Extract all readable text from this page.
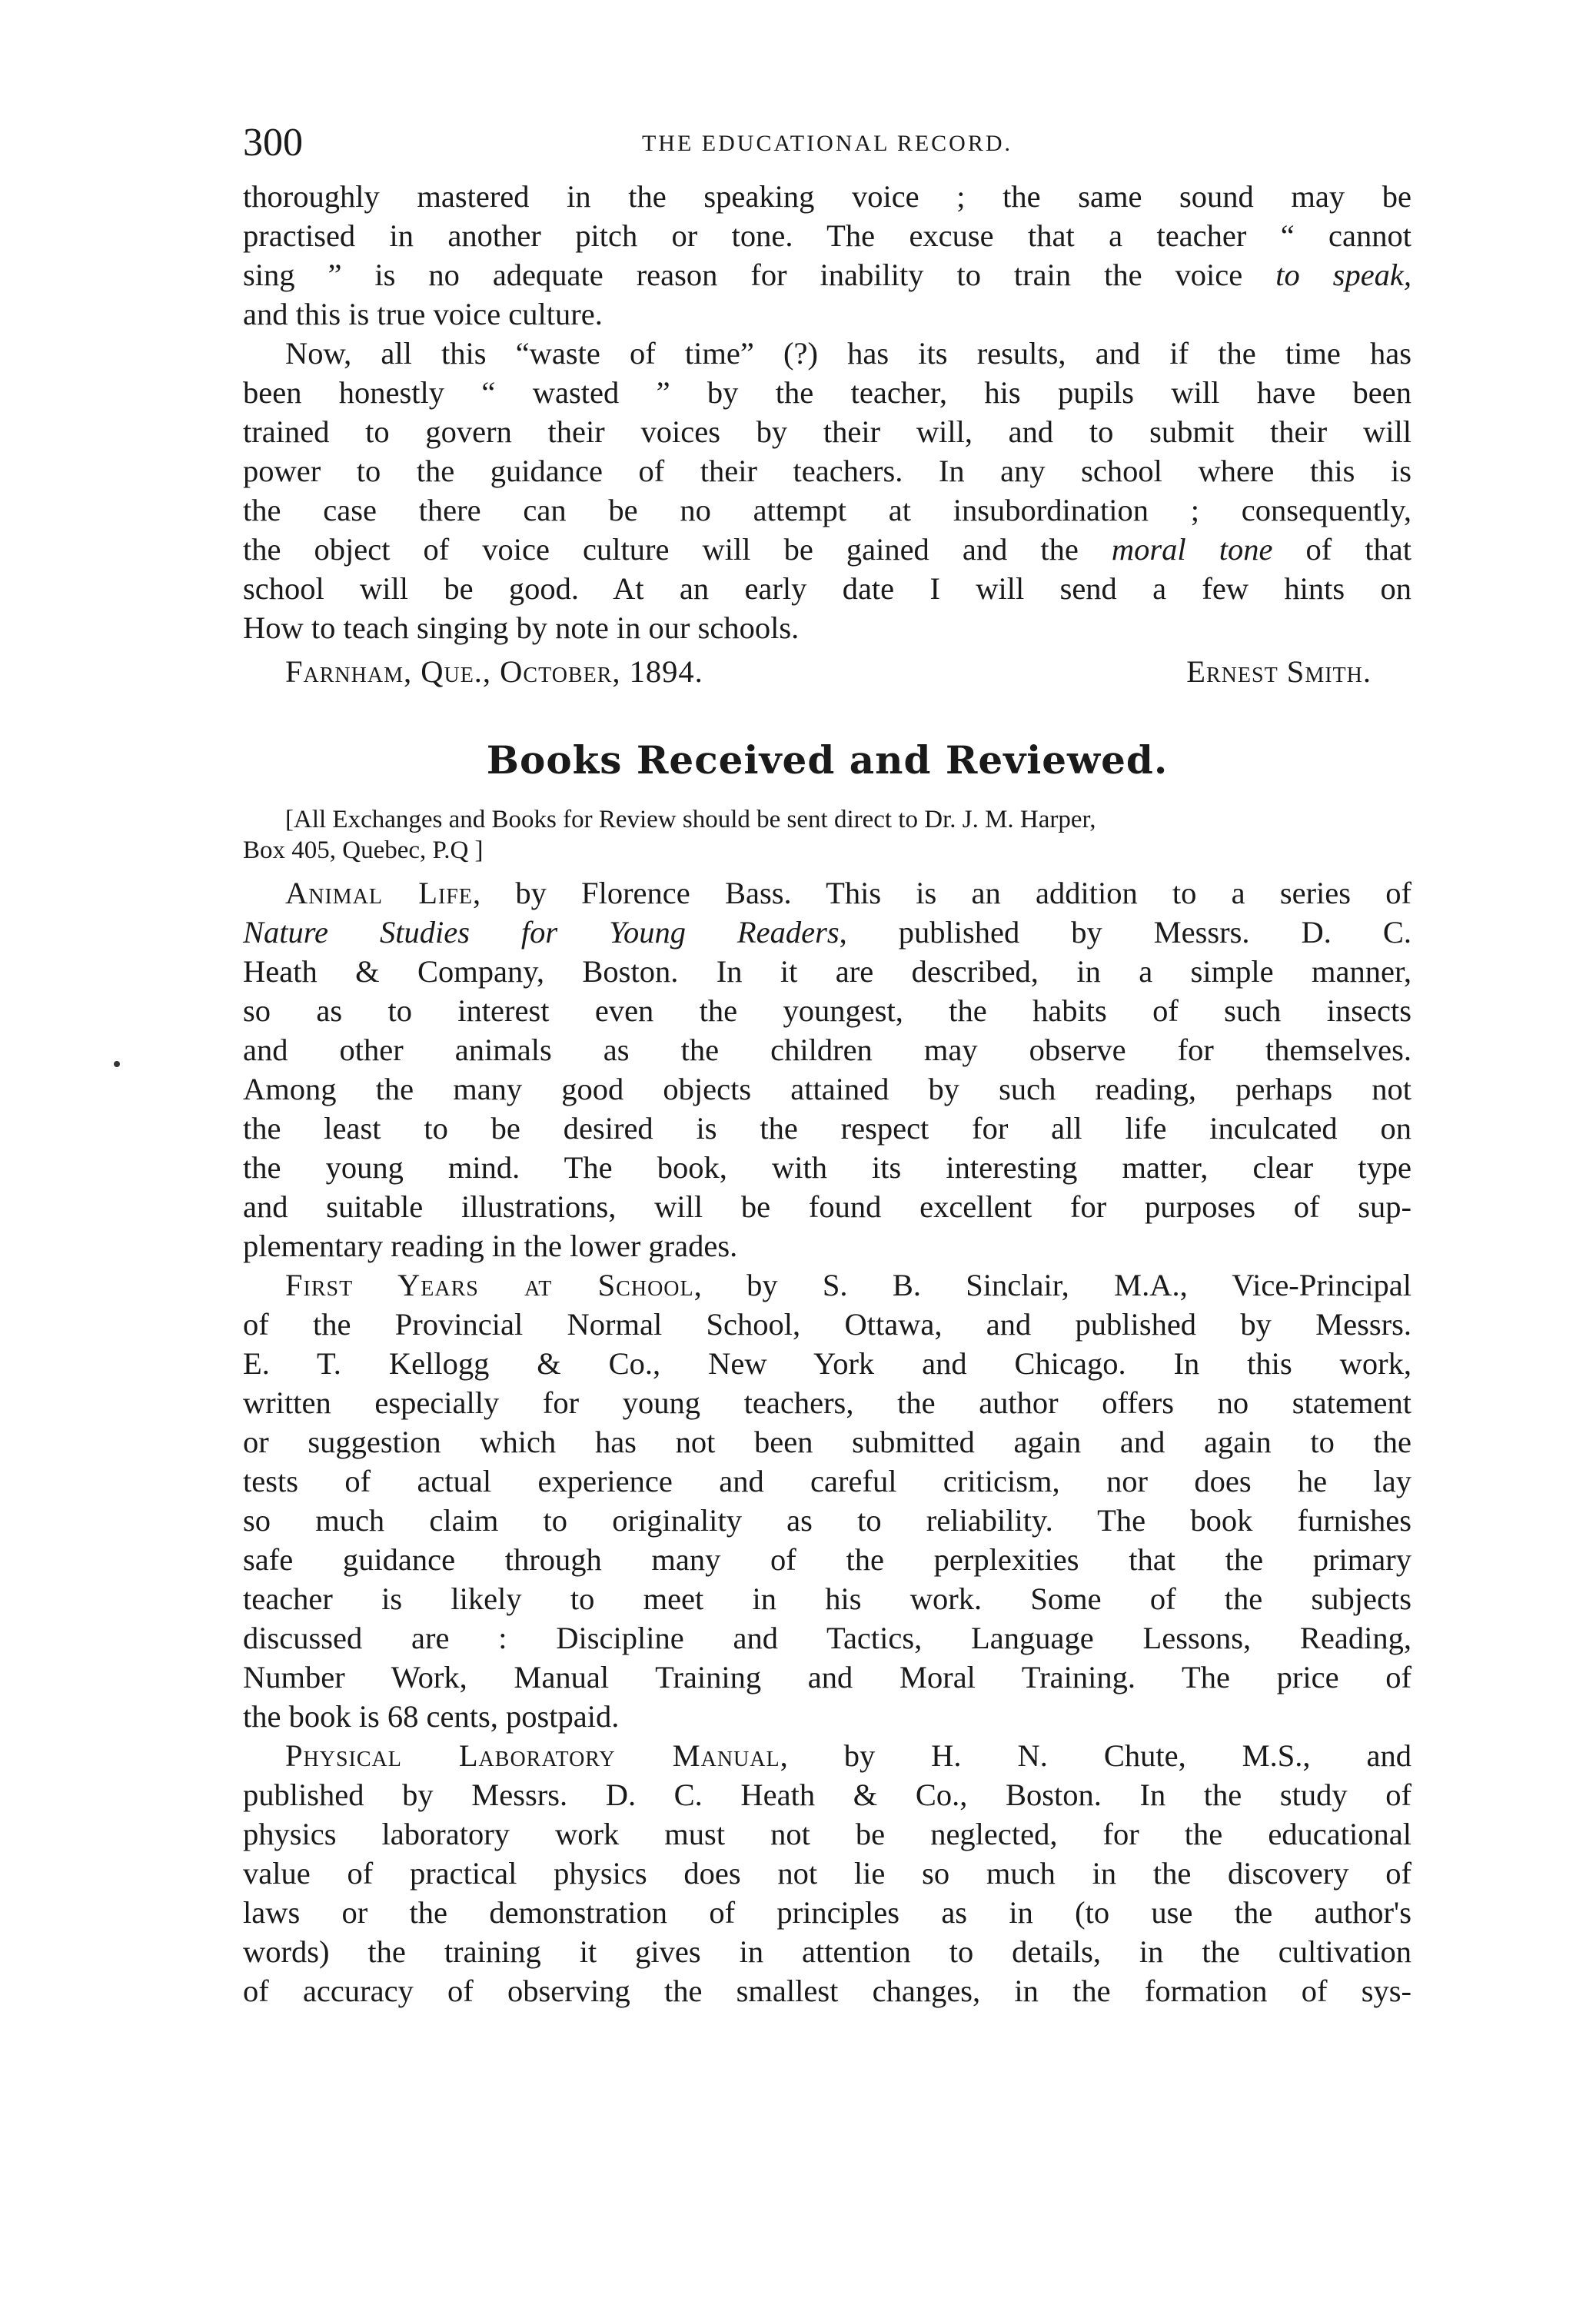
300	THE EDUCATIONAL RECORD.

thoroughly mastered in the speaking voice ; the same sound may be

practised in another pitch or tone. The excuse that a teacher “ cannot

sing ” is no adequate reason for inability to train the voice to speak,

and this is true voice culture.

Now, all this “waste of time” (?) has its results, and if the time has

been honestly “ wasted ” by the teacher, his pupils will have been

trained to govern their voices by their will, and to submit their will

power to the guidance of their teachers. In any school where this is

the case there can be no attempt at insubordination ; consequently,

the object of voice culture will be gained and the moral tone of that

school will be good. At an early date I will send a few hints on

How to teach singing by note in our schools.

Farnham, Que., October, 1894.	Ernest Smith.
Books Received and Reviewed.
[All Exchanges and Books for Review should be sent direct to Dr. J. M. Harper,
Box 405, Quebec, P.Q ]

Animal Life, by Florence Bass. This is an addition to a series of

Nature Studies for Young Readers, published by Messrs. D. C.

Heath & Company, Boston. In it are described, in a simple manner,

so as to interest even the youngest, the habits of such insects

and other animals as the children may observe for themselves.

Among the many good objects attained by such reading, perhaps not

the least to be desired is the respect for all life inculcated on

the young mind. The book, with its interesting matter, clear type

and suitable illustrations, will be found excellent for purposes of sup-

plementary reading in the lower grades.

First Years at School, by S. B. Sinclair, M.A., Vice-Principal

of the Provincial Normal School, Ottawa, and published by Messrs.

E. T. Kellogg & Co., New York and Chicago. In this work,

written especially for young teachers, the author offers no statement

or suggestion which has not been submitted again and again to the

tests of actual experience and careful criticism, nor does he lay

so much claim to originality as to reliability. The book furnishes

safe guidance through many of the perplexities that the primary

teacher is likely to meet in his work. Some of the subjects

discussed are : Discipline and Tactics, Language Lessons, Reading,

Number Work, Manual Training and Moral Training. The price of

the book is 68 cents, postpaid.

Physical Laboratory Manual, by H. N. Chute, M.S., and

published by Messrs. D. C. Heath & Co., Boston. In the study of

physics laboratory work must not be neglected, for the educational

value of practical physics does not lie so much in the discovery of

laws or the demonstration of principles as in (to use the author's

words) the training it gives in attention to details, in the cultivation

of accuracy of observing the smallest changes, in the formation of sys-
